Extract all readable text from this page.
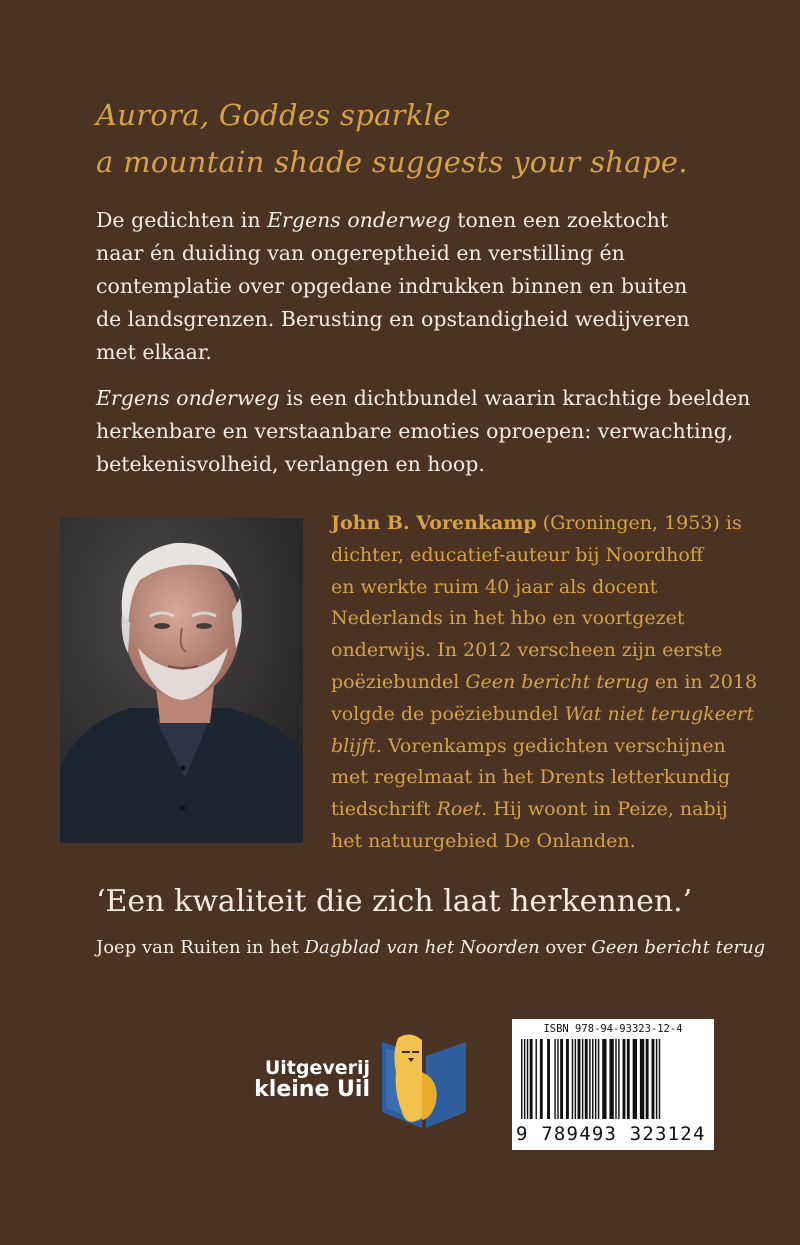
Aurora, Goddes sparkle
a mountain shade suggests your shape.
De gedichten in Ergens onderweg tonen een zoektocht
naar én duiding van ongereptheid en verstilling én
contemplatie over opgedane indrukken binnen en buiten
de landsgrenzen. Berusting en opstandigheid wedijveren
met elkaar.
Ergens onderweg is een dichtbundel waarin krachtige beelden
herkenbare en verstaanbare emoties oproepen: verwachting,
betekenisvolheid, verlangen en hoop.
John B. Vorenkamp (Groningen, 1953) is
dichter, educatief-auteur bij Noordhoff
en werkte ruim 40 jaar als docent
Nederlands in het hbo en voortgezet
onderwijs. In 2012 verscheen zijn eerste
poëziebundel Geen bericht terug en in 2018
volgde de poëziebundel Wat niet terugkeert
blijft. Vorenkamps gedichten verschijnen
met regelmaat in het Drents letterkundig
tiedschrift Roet. Hij woont in Peize, nabij
het natuurgebied De Onlanden.
‘Een kwaliteit die zich laat herkennen.’
Joep van Ruiten in het Dagblad van het Noorden over Geen bericht terug
Uitgeverij
kleine Uil
ISBN 978-94-93323-12-4
9 789493 323124
